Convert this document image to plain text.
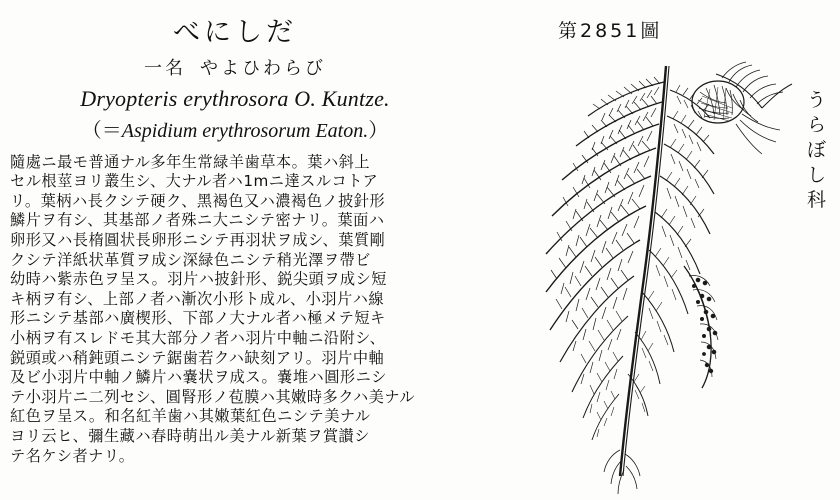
べにしだ
一名 やよひわらび
Dryopteris erythrosora O. Kuntze.
（＝Aspidium erythrosorum Eaton.）
隨處ニ最モ普通ナル多年生常緑羊歯草本。葉ハ斜上
セル根莖ヨリ叢生シ、大ナル者ハ1mニ達スルコトア
リ。葉柄ハ長クシテ硬ク、黑褐色又ハ濃褐色ノ披針形
鱗片ヲ有シ、其基部ノ者殊ニ大ニシテ密ナリ。葉面ハ
卵形又ハ長楕圓状長卵形ニシテ再羽状ヲ成シ、葉質剛
クシテ洋紙状革質ヲ成シ深緑色ニシテ稍光澤ヲ帶ビ
幼時ハ紫赤色ヲ呈ス。羽片ハ披針形、鋭尖頭ヲ成シ短
キ柄ヲ有シ、上部ノ者ハ漸次小形ト成ル、小羽片ハ線
形ニシテ基部ハ廣楔形、下部ノ大ナル者ハ極メテ短キ
小柄ヲ有スレドモ其大部分ノ者ハ羽片中軸ニ沿附シ、
鋭頭或ハ稍鈍頭ニシテ鋸歯若クハ缺刻アリ。羽片中軸
及ビ小羽片中軸ノ鱗片ハ嚢状ヲ成ス。嚢堆ハ圓形ニシ
テ小羽片ニ二列セシ、圓腎形ノ苞膜ハ其嫩時多クハ美ナル
紅色ヲ呈ス。和名紅羊歯ハ其嫩葉紅色ニシテ美ナル
ヨリ云ヒ、彌生藏ハ春時萌出ル美ナル新葉ヲ賞讃シ
テ名ケシ者ナリ。
第2851圖
う
ら
ぼ
し
科
